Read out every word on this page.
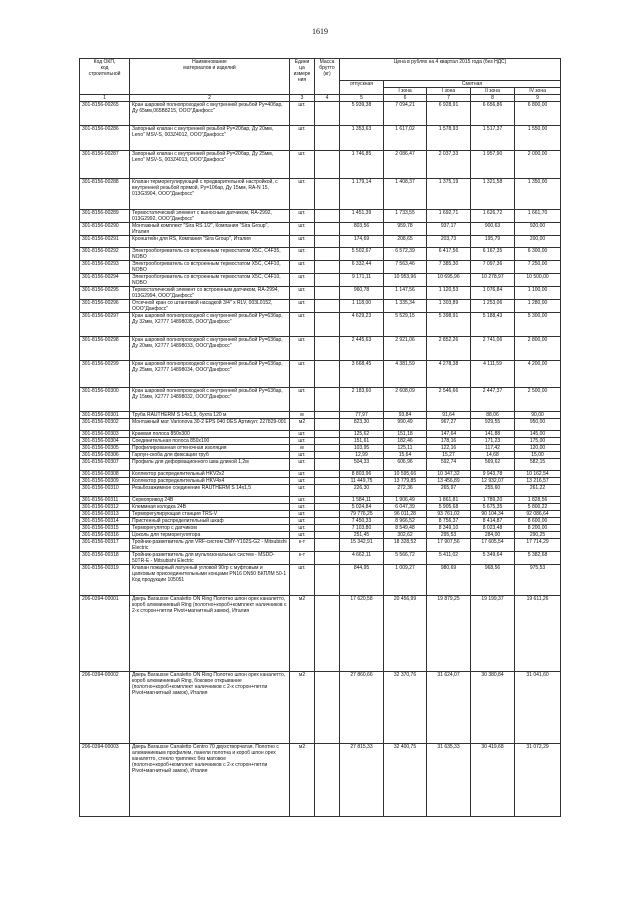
1619
Код ОКП,
код
строительной	Наименование
материалов и изделий	Едини
ца
измере
ния	Масса
брутто
(кг)	Цена в рублях на 4 квартал 2015 года (без НДС)				
				отпускная	Сметная			
					I зона	I зона	II зона	IV зона
1	2	3	4	5	6	7	8	9
301-8156-00265	Кран шаровой полнопроходной с внутренней резьбой Ру=40бар, Ду 65мм,065B8215, ООО"Данфосс"	шт.		5 939,38	7 094,21	6 928,91	6 656,86	6 800,00
301-8156-00286	Запорный клапан с внутренней резьбой Ру=20бар, Ду 20мм, Leno" MSV-S, 003Z4012, ООО"Данфосс"	шт.		1 353,63	1 617,02	1 578,93	1 517,37	1 550,00
301-8156-00287	Запорный клапан с внутренней резьбой Ру=20бар, Ду 25мм, Leno" MSV-S, 003Z4013, ООО"Данфосс"	шт.		1 746,85	2 086,47	2 037,33	1 957,90	2 000,00
301-8156-00288	Клапан терморегулирующий с предварительной настройкой, с внутренней резьбой прямой, Ру=10бар, Ду 15мм, RA-N 15, 013G3904, ООО"Данфосс"	шт.		1 179,14	1 408,37	1 375,19	1 321,58	1 350,00
301-8156-00289	Термостатический элемент с выносным датчиком, RA-2992, 013G2992, ООО"Данфосс"	шт.		1 451,39	1 733,55	1 692,71	1 626,72	1 661,70
301-8156-00290	Монтажный комплект "Sira RS 1/2", Компания "Sira Group", Италия	шт.		803,56	959,78	937,17	900,63	920,00
301-8156-00291	Кронштейн для RS, Компания "Sira Group", Италия	шт.		174,69	208,65	203,73	195,79	200,00
301-8156-00292	Электрообогреватель со встроенным термостатом X5C, C4F35, NOBO	шт.		5 502,67	6 572,39	6 417,56	6 167,35	6 300,00
301-8156-00293	Электрообогреватель со встроенным термостатом X5C, C4F10, NOBO	шт.		6 332,44	7 563,46	7 385,30	7 097,36	7 250,00
301-8156-00294	Электрообогреватель со встроенным термостатом X5C, C4F10, NOBO	шт.		9 171,11	10 953,96	10 695,96	10 278,97	10 500,00
301-8156-00295	Термостатический элемент со встроенным датчиком, RA-2994, 013G2994, ООО"Данфосс"	шт.		960,78	1 147,56	1 120,53	1 076,84	1 100,00
301-8156-00296	Отсечной кран со штанговой насадкой 3/4" х RLV, 003L0152, ООО"Данфосс"	шт.		1 118,00	1 335,34	1 303,89	1 253,06	1 280,00
301-8156-00297	Кран шаровой полнопроходной с внутренней резьбой Ру=63бар, Ду 32мм, X2777 14898035, ООО"Данфосс"	шт.		4 629,23	5 529,15	5 398,91	5 188,43	5 300,00
301-8156-00298	Кран шаровой полнопроходной с внутренней резьбой Ру=63бар, Ду 20мм, X2777 14898033, ООО"Данфосс"	шт.		2 445,63	2 921,06	2 852,26	2 741,06	2 800,00
301-8156-00299	Кран шаровой полнопроходной с внутренней резьбой Ру=63бар, Ду 25мм, X2777 14898034, ООО"Данфосс"	шт.		3 668,45	4 381,59	4 278,38	4 111,59	4 200,00
301-8156-00300	Кран шаровой полнопроходной с внутренней резьбой Ру=63бар, Ду 15мм, X2777 14898032, ООО"Данфосс"	шт.		2 183,60	2 608,09	2 546,66	2 447,37	2 500,00
301-8156-00301	Труба RAUTHERM S 14x1,5, бухта 120 м	м		77,97	93,84	91,64	88,06	90,00
301-8156-00302	Монтажный мат Varionova 30-2 EPS 040 DES Артикул: 227829-001	м2		823,30	990,49	967,27	929,55	950,00
301-8156-00303	Краевая полоса 850x300	шт.		125,62	151,18	147,64	141,88	145,00
301-8156-00304	Соединительная полоса 850x100	шт.		151,61	182,46	178,16	171,23	175,00
301-8156-00305	Профилированная оттеночная изоляция	м		103,95	125,11	122,16	117,42	120,00
301-8156-00306	Гарпун-скоба для фиксации труб	шт.		12,99	15,64	15,27	14,68	15,00
301-8156-00307	Профиль для деформационного шва длиной 1,2м	шт.		504,33	606,96	592,74	569,62	582,15
301-8156-00308	Коллектор распределительный HKV2x2	шт.		8 803,96	10 595,66	10 347,32	9 943,78	10 162,54
301-8156-00309	Коллектор распределительный HKV4x4	шт.		11 449,75	13 779,85	13 456,89	12 932,07	13 216,57
301-8156-00310	Резьбозажимное соединение RAUTHERM S 14x1,5	шт.		226,30	272,36	265,97	255,60	261,22
301-8156-00311	Сервопривод 24В	шт.		1 584,11	1 906,49	1 861,81	1 789,20	1 828,56
301-8156-00312	Клеммная колодка 24В	шт.		5 024,84	6 047,39	5 905,68	5 675,35	5 800,22
301-8156-00313	Терморегулирующая станция TRS-V	шт.		79 776,25	96 011,28	93 761,02	90 104,34	92 086,64
301-8156-00314	Пристенный распределительный шкаф	шт.		7 450,33	8 966,52	8 756,37	8 414,87	8 600,00
301-8156-00315	Терморегулятор с датчиком	шт.		7 103,80	8 549,48	8 349,10	8 023,48	8 200,00
301-8156-00316	Цоколь для терморегулятора	шт.		251,45	302,62	295,53	284,00	290,25
301-8156-00317	Тройник-разветвитель для VRF-систем CMY-Y102S-G2 - Mitsubishi Electric	к-т		15 342,91	18 328,52	17 907,56	17 605,54	17 714,29
301-8156-00318	Тройник-разветвитель для мультизональных систем - MSDD-50TR-E - Mitsubishi Electric	к-т		4 662,11	5 566,72	5 411,02	5 349,64	5 382,68
301-8156-00319	Клапан пожарный латунный угловой 90гр с муфтовым и цапковым присоединительными концами PN16 DN50 БКПЛМ 50-1 Код продукции 105051	шт.		844,95	1 009,27	980,69	968,56	975,53
206-0394-00001	Дверь Barausse Canaletto ON Ring Полотно шпон орех каналетто, короб алюминиевый Ring (полотно+короб+комплект наличников с 2-х сторон+петли Pivot+магнитный замок), Италия	м2		17 620,58	20 456,99	19 879,25	19 199,37	19 611,26
206-0394-00002	Дверь Barausse Canaletto ON Ring Полотно шпон орех каналетто, короб алюминиевый Ring, боковое открывание (полотно+короб+комплект наличников с 2-х сторон+петли Pivot+магнитный замок), Италия	м2		27 860,66	32 370,76	31 624,07	30 380,84	31 041,60
206-0394-00003	Дверь Barausse Canaletto Centro 70 двухстворчатая. Полотно с алюминиевым профилем, панели полотна и короб шпон орех каналетто, стекло триплекс без матовое (полотно+короб+комплект наличников с 2-х сторон+петли Pivot+магнитный замок), Италия	м2		27 815,33	32 400,75	31 635,33	30 419,68	31 072,29
